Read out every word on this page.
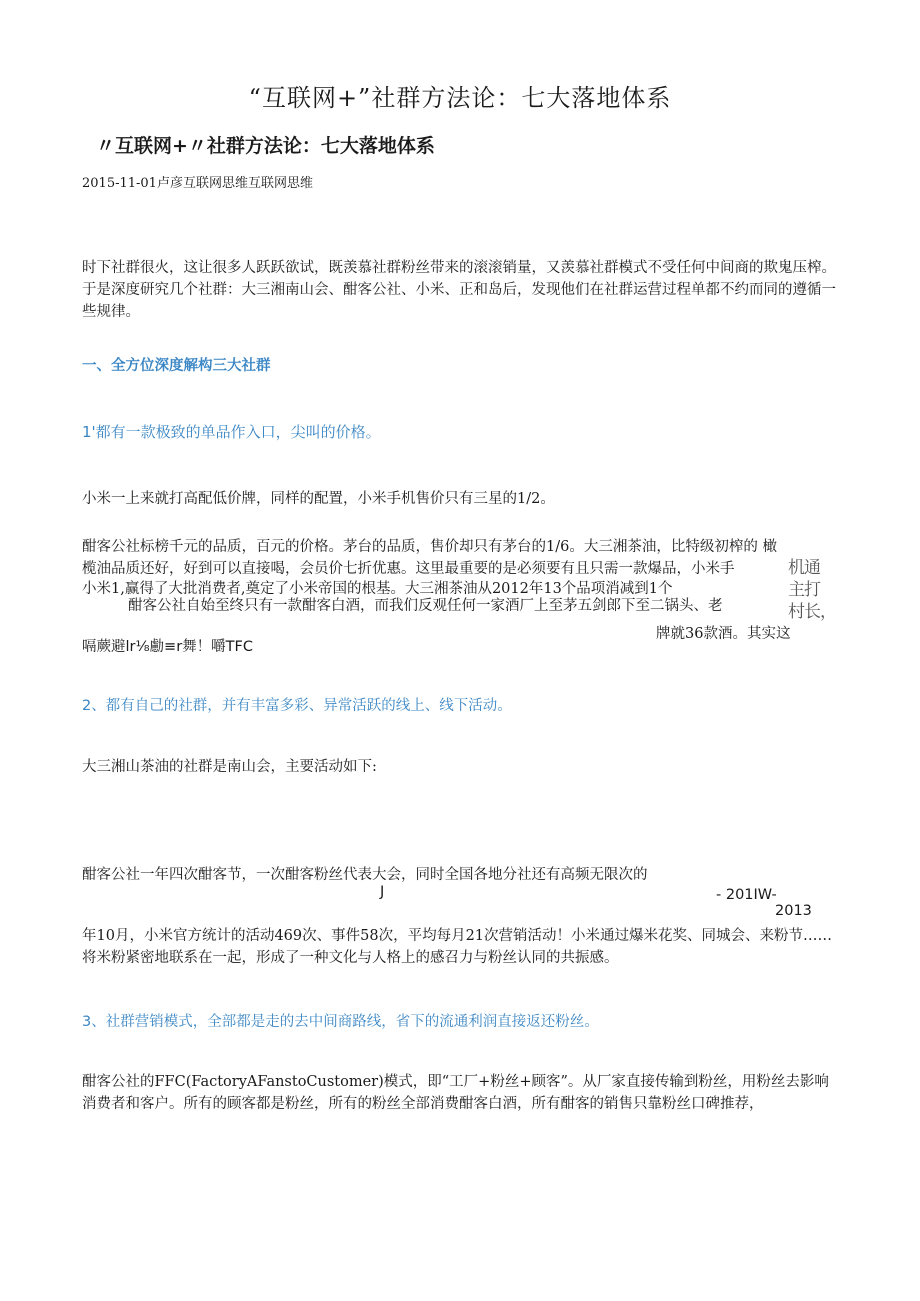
“互联网+”社群方法论：七大落地体系
〃互联网+〃社群方法论：七大落地体系
2015-11-01卢彦互联网思维互联网思维
时下社群很火，这让很多人跃跃欲试，既羡慕社群粉丝带来的滚滚销量，又羡慕社群模式不受任何中间商的欺鬼压榨。于是深度研究几个社群：大三湘南山会、酣客公社、小米、正和岛后，发现他们在社群运营过程单都不约而同的遵循一些规律。
一、全方位深度解构三大社群
1'都有一款极致的单品作入口，尖叫的价格。
小米一上来就打高配低价牌，同样的配置，小米手机售价只有三星的1/2。
酣客公社标榜千元的品质，百元的价格。茅台的品质，售价却只有茅台的1/6。大三湘茶油，比特级初榨的 橄
榄油品质还好，好到可以直接喝，会员价七折优惠。这里最重要的是必须要有且只需一款爆品，小米手
小米1,赢得了大批消费者,奠定了小米帝国的根基。大三湘茶油从2012年13个品项消减到1个
酣客公社自始至终只有一款酣客白酒，而我们反观任何一家酒厂上至茅五剑郎下至二锅头、老
牌就36款酒。其实这
嗝蕨避lr⅛勴≡r舞！嚼TFC
机通
主打
村长，
2、都有自己的社群，并有丰富多彩、异常活跃的线上、线下活动。
大三湘山茶油的社群是南山会，主要活动如下:
酣客公社一年四次酣客节，一次酣客粉丝代表大会，同时全国各地分社还有高频无限次的
J	- 201IW-
2013
年10月，小米官方统计的活动469次、事件58次，平均每月21次营销活动！小米通过爆米花奖、同城会、来粉节……将米粉紧密地联系在一起，形成了一种文化与人格上的感召力与粉丝认同的共振感。
3、社群营销模式，全部都是走的去中间商路线，省下的流通利润直接返还粉丝。
酣客公社的FFC(FactoryAFanstoCustomer)模式，即“工厂+粉丝+顾客”。从厂家直接传输到粉丝，用粉丝去影响消费者和客户。所有的顾客都是粉丝，所有的粉丝全部消费酣客白酒，所有酣客的销售只靠粉丝口碑推荐，
